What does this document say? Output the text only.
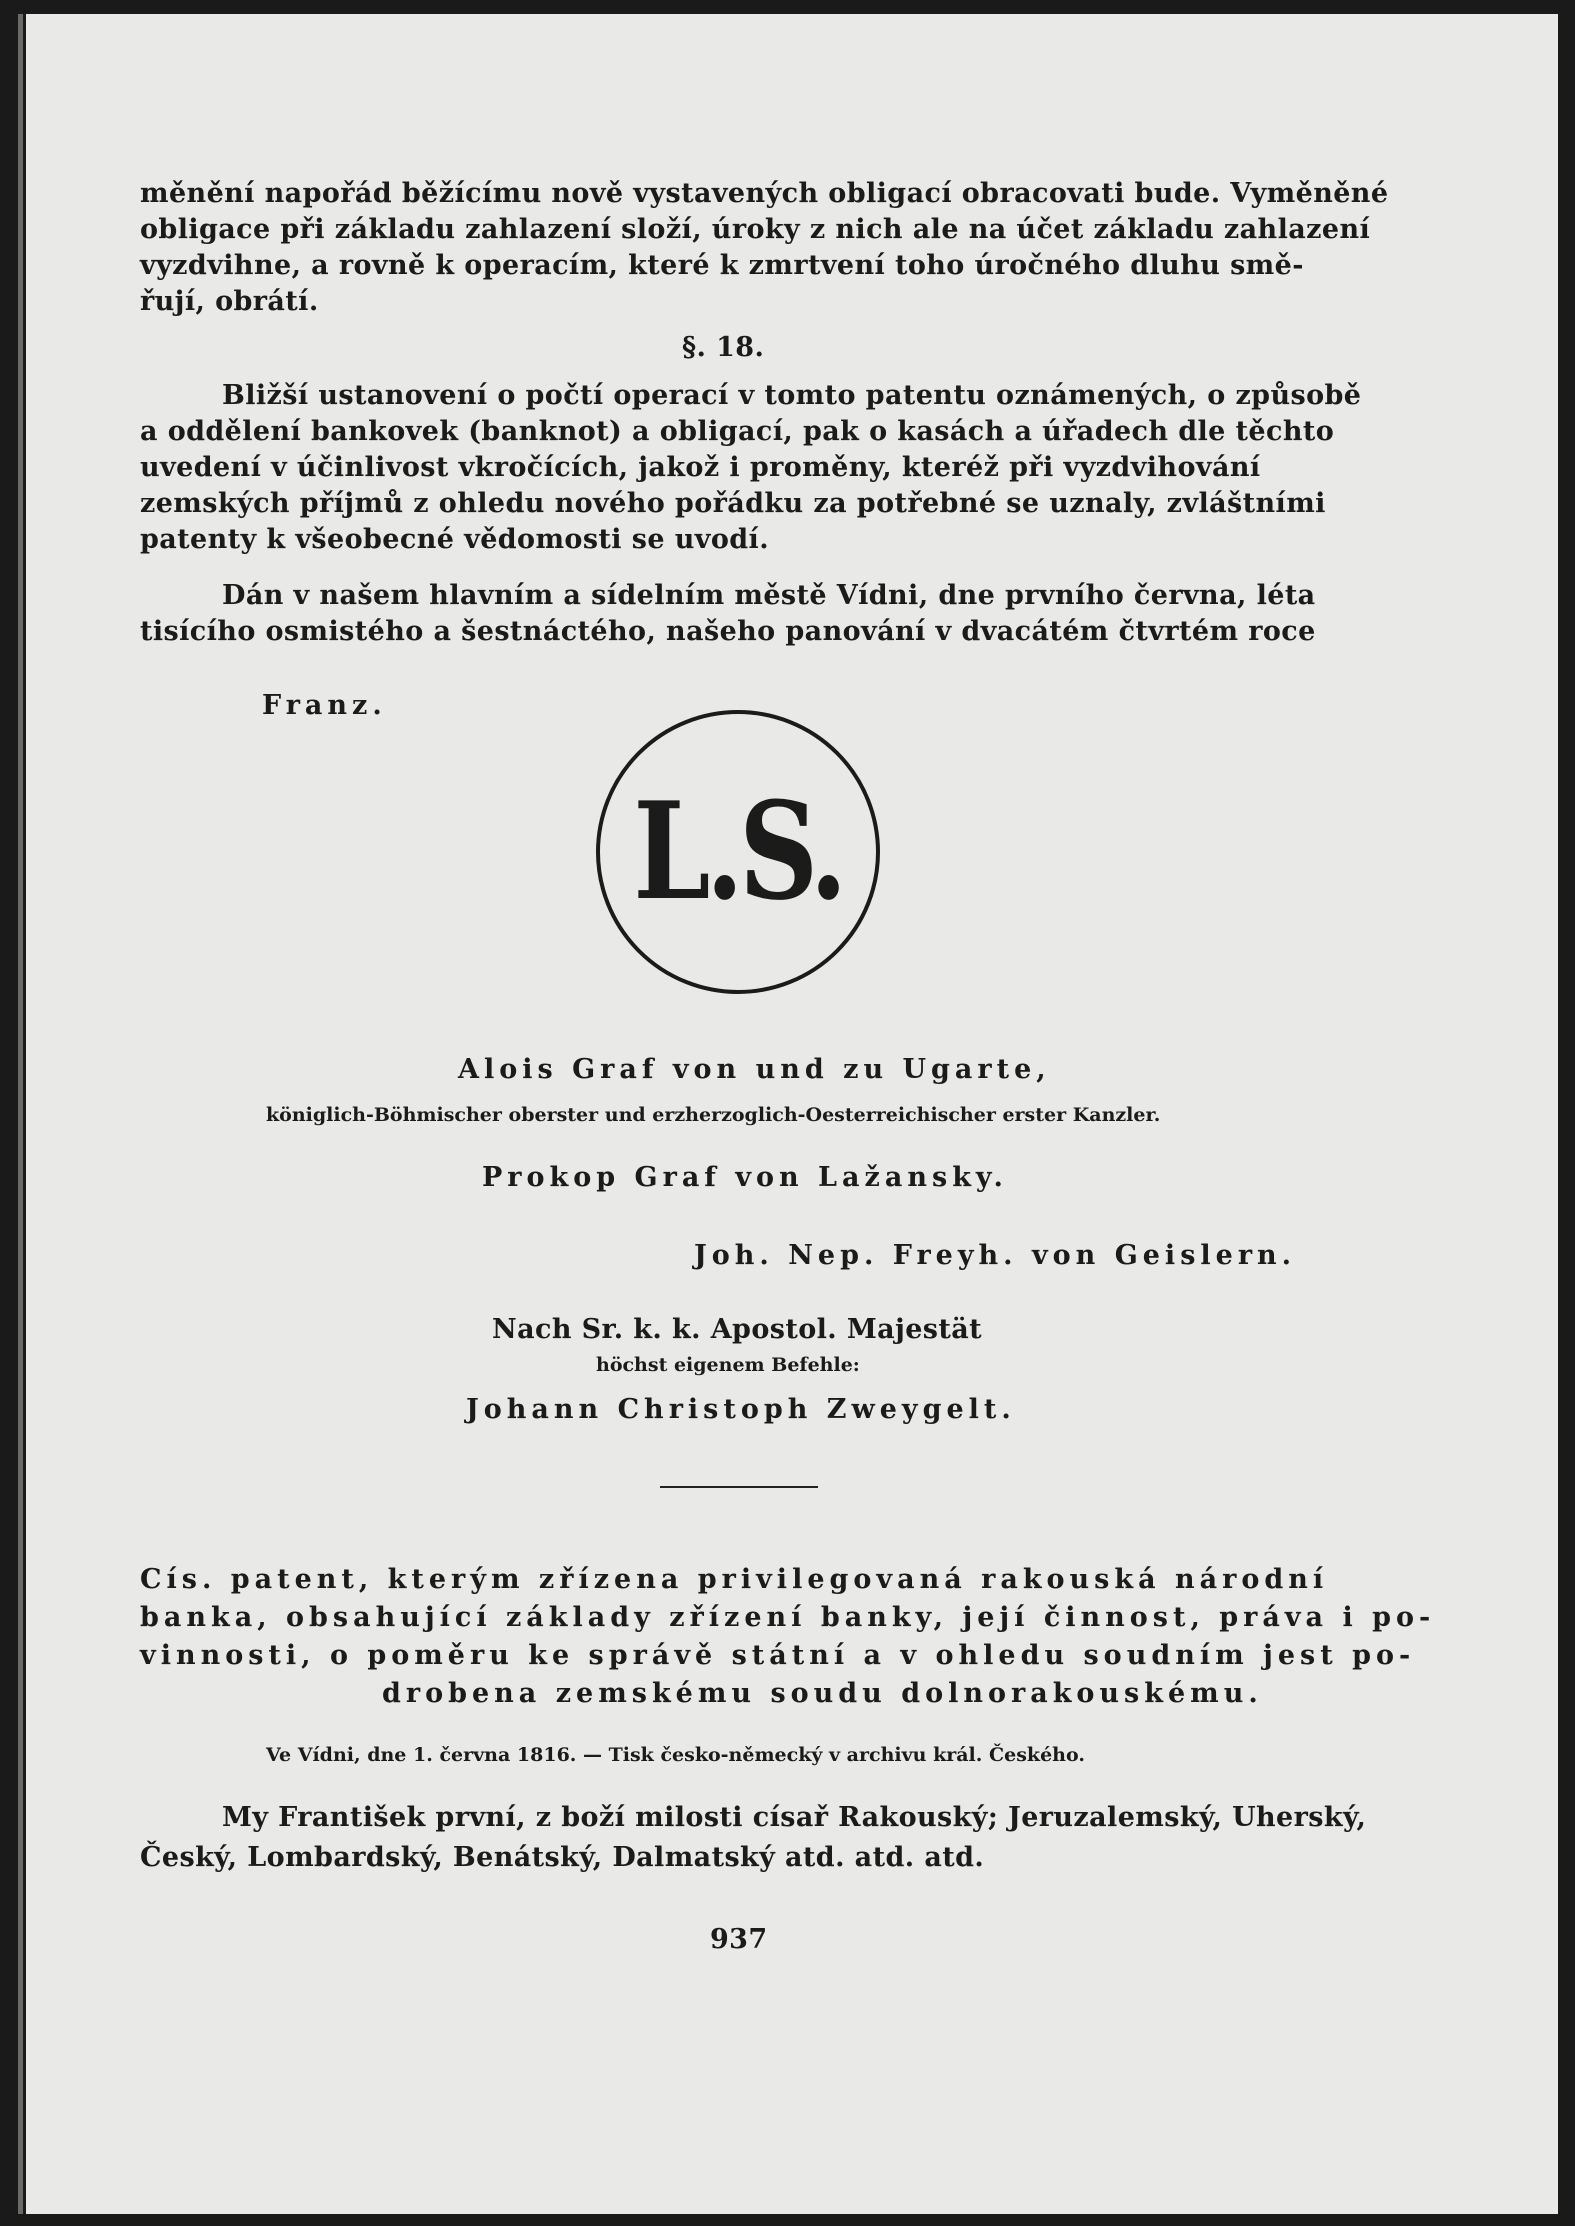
měnění napořád běžícímu nově vystavených obligací obracovati bude. Vyměněné
obligace při základu zahlazení složí, úroky z nich ale na účet základu zahlazení
vyzdvihne, a rovně k operacím, které k zmrtvení toho úročného dluhu smě-
řují, obrátí.
§. 18.
Bližší ustanovení o počtí operací v tomto patentu oznámených, o způsobě
a oddělení bankovek (banknot) a obligací, pak o kasách a úřadech dle těchto
uvedení v účinlivost vkročících, jakož i proměny, kteréž při vyzdvihování
zemských příjmů z ohledu nového pořádku za potřebné se uznaly, zvláštními
patenty k všeobecné vědomosti se uvodí.
Dán v našem hlavním a sídelním městě Vídni, dne prvního června, léta
tisícího osmistého a šestnáctého, našeho panování v dvacátém čtvrtém roce
Franz.
L.S.
Alois Graf von und zu Ugarte,
königlich-Böhmischer oberster und erzherzoglich-Oesterreichischer erster Kanzler.
Prokop Graf von Lažansky.
Joh. Nep. Freyh. von Geislern.
Nach Sr. k. k. Apostol. Majestät
höchst eigenem Befehle:
Johann Christoph Zweygelt.
Cís. patent, kterým zřízena privilegovaná rakouská národní
banka, obsahující základy zřízení banky, její činnost, práva i po-
vinnosti, o poměru ke správě státní a v ohledu soudním jest po-
drobena zemskému soudu dolnorakouskému.
Ve Vídni, dne 1. června 1816. — Tisk česko-německý v archivu král. Českého.
My František první, z boží milosti císař Rakouský; Jeruzalemský, Uherský,
Český, Lombardský, Benátský, Dalmatský atd. atd. atd.
937
